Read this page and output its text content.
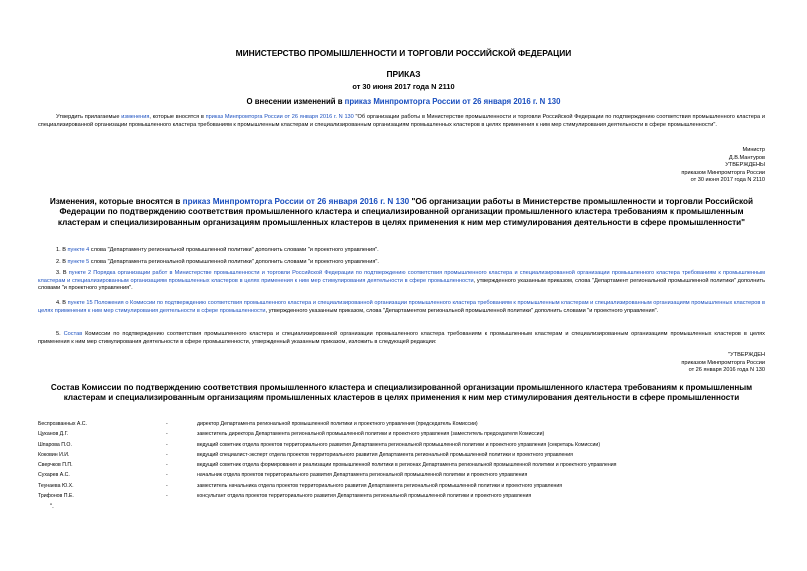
МИНИСТЕРСТВО ПРОМЫШЛЕННОСТИ И ТОРГОВЛИ РОССИЙСКОЙ ФЕДЕРАЦИИ
ПРИКАЗ
от 30 июня 2017 года N 2110
О внесении изменений в приказ Минпромторга России от 26 января 2016 г. N 130
Утвердить прилагаемые изменения, которые вносятся в приказ Минпромторга России от 26 января 2016 г. N 130 "Об организации работы в Министерстве промышленности и торговли Российской Федерации по подтверждению соответствия промышленного кластера и специализированной организации промышленного кластера требованиям к промышленным кластерам и специализированным организациям промышленных кластеров в целях применения к ним мер стимулирования деятельности в сфере промышленности".
Министр
Д.В.Мантуров
УТВЕРЖДЕНЫ
приказом Минпромторга России
от 30 июня 2017 года N 2110
Изменения, которые вносятся в приказ Минпромторга России от 26 января 2016 г. N 130 "Об организации работы в Министерстве промышленности и торговли Российской Федерации по подтверждению соответствия промышленного кластера и специализированной организации промышленного кластера требованиям к промышленным кластерам и специализированным организациям промышленных кластеров в целях применения к ним мер стимулирования деятельности в сфере промышленности"
1. В пункте 4 слова "Департаменту региональной промышленной политики" дополнить словами "и проектного управления".
2. В пункте 5 слова "Департамента региональной промышленной политики" дополнить словами "и проектного управления".
3. В пункте 2 Порядка организации работ в Министерстве промышленности и торговли Российской Федерации по подтверждению соответствия промышленного кластера и специализированной организации промышленного кластера требованиям к промышленным кластерам и специализированным организациям промышленных кластеров в целях применения к ним мер стимулирования деятельности в сфере промышленности, утвержденного указанным приказом, слова "Департамент региональной промышленной политики" дополнить словами "и проектного управления".
4. В пункте 15 Положения о Комиссии по подтверждению соответствия промышленного кластера и специализированной организации промышленного кластера требованиям к промышленным кластерам и специализированным организациям промышленных кластеров в целях применения к ним мер стимулирования деятельности в сфере промышленности, утвержденного указанным приказом, слова "Департаментом региональной промышленной политики" дополнить словами "и проектного управления".
5. Состав Комиссии по подтверждению соответствия промышленного кластера и специализированной организации промышленного кластера требованиям к промышленным кластерам и специализированным организациям промышленных кластеров в целях применения к ним мер стимулирования деятельности в сфере промышленности, утвержденный указанным приказом, изложить в следующей редакции:
"УТВЕРЖДЕН
приказом Минпромторга России
от 26 января 2016 года N 130
Состав Комиссии по подтверждению соответствия промышленного кластера и специализированной организации промышленного кластера требованиям к промышленным кластерам и специализированным организациям промышленных кластеров в целях применения к ним мер стимулирования деятельности в сфере промышленности
Беспрозванных А.С.	-	директор Департамента региональной промышленной политики и проектного управления (председатель Комиссии)
Цуканов Д.Г.	-	заместитель директора Департамента региональной промышленной политики и проектного управления (заместитель председателя Комиссии)
Шпарова П.О.	-	ведущий советник отдела проектов территориального развития Департамента региональной промышленной политики и проектного управления (секретарь Комиссии)
Коковин И.И.	-	ведущий специалист-эксперт отдела проектов территориального развития Департамента региональной промышленной политики и проектного управления
Сверчков П.П.	-	ведущий советник отдела формирования и реализации промышленной политики в регионах Департамента региональной промышленной политики и проектного управления
Сухарев А.С.	-	начальник отдела проектов территориального развития Департамента региональной промышленной политики и проектного управления
Теунаева Ю.Х.	-	заместитель начальника отдела проектов территориального развития Департамента региональной промышленной политики и проектного управления
Трифонов П.Е.	-	консультант отдела проектов территориального развития Департамента региональной промышленной политики и проектного управления
".
